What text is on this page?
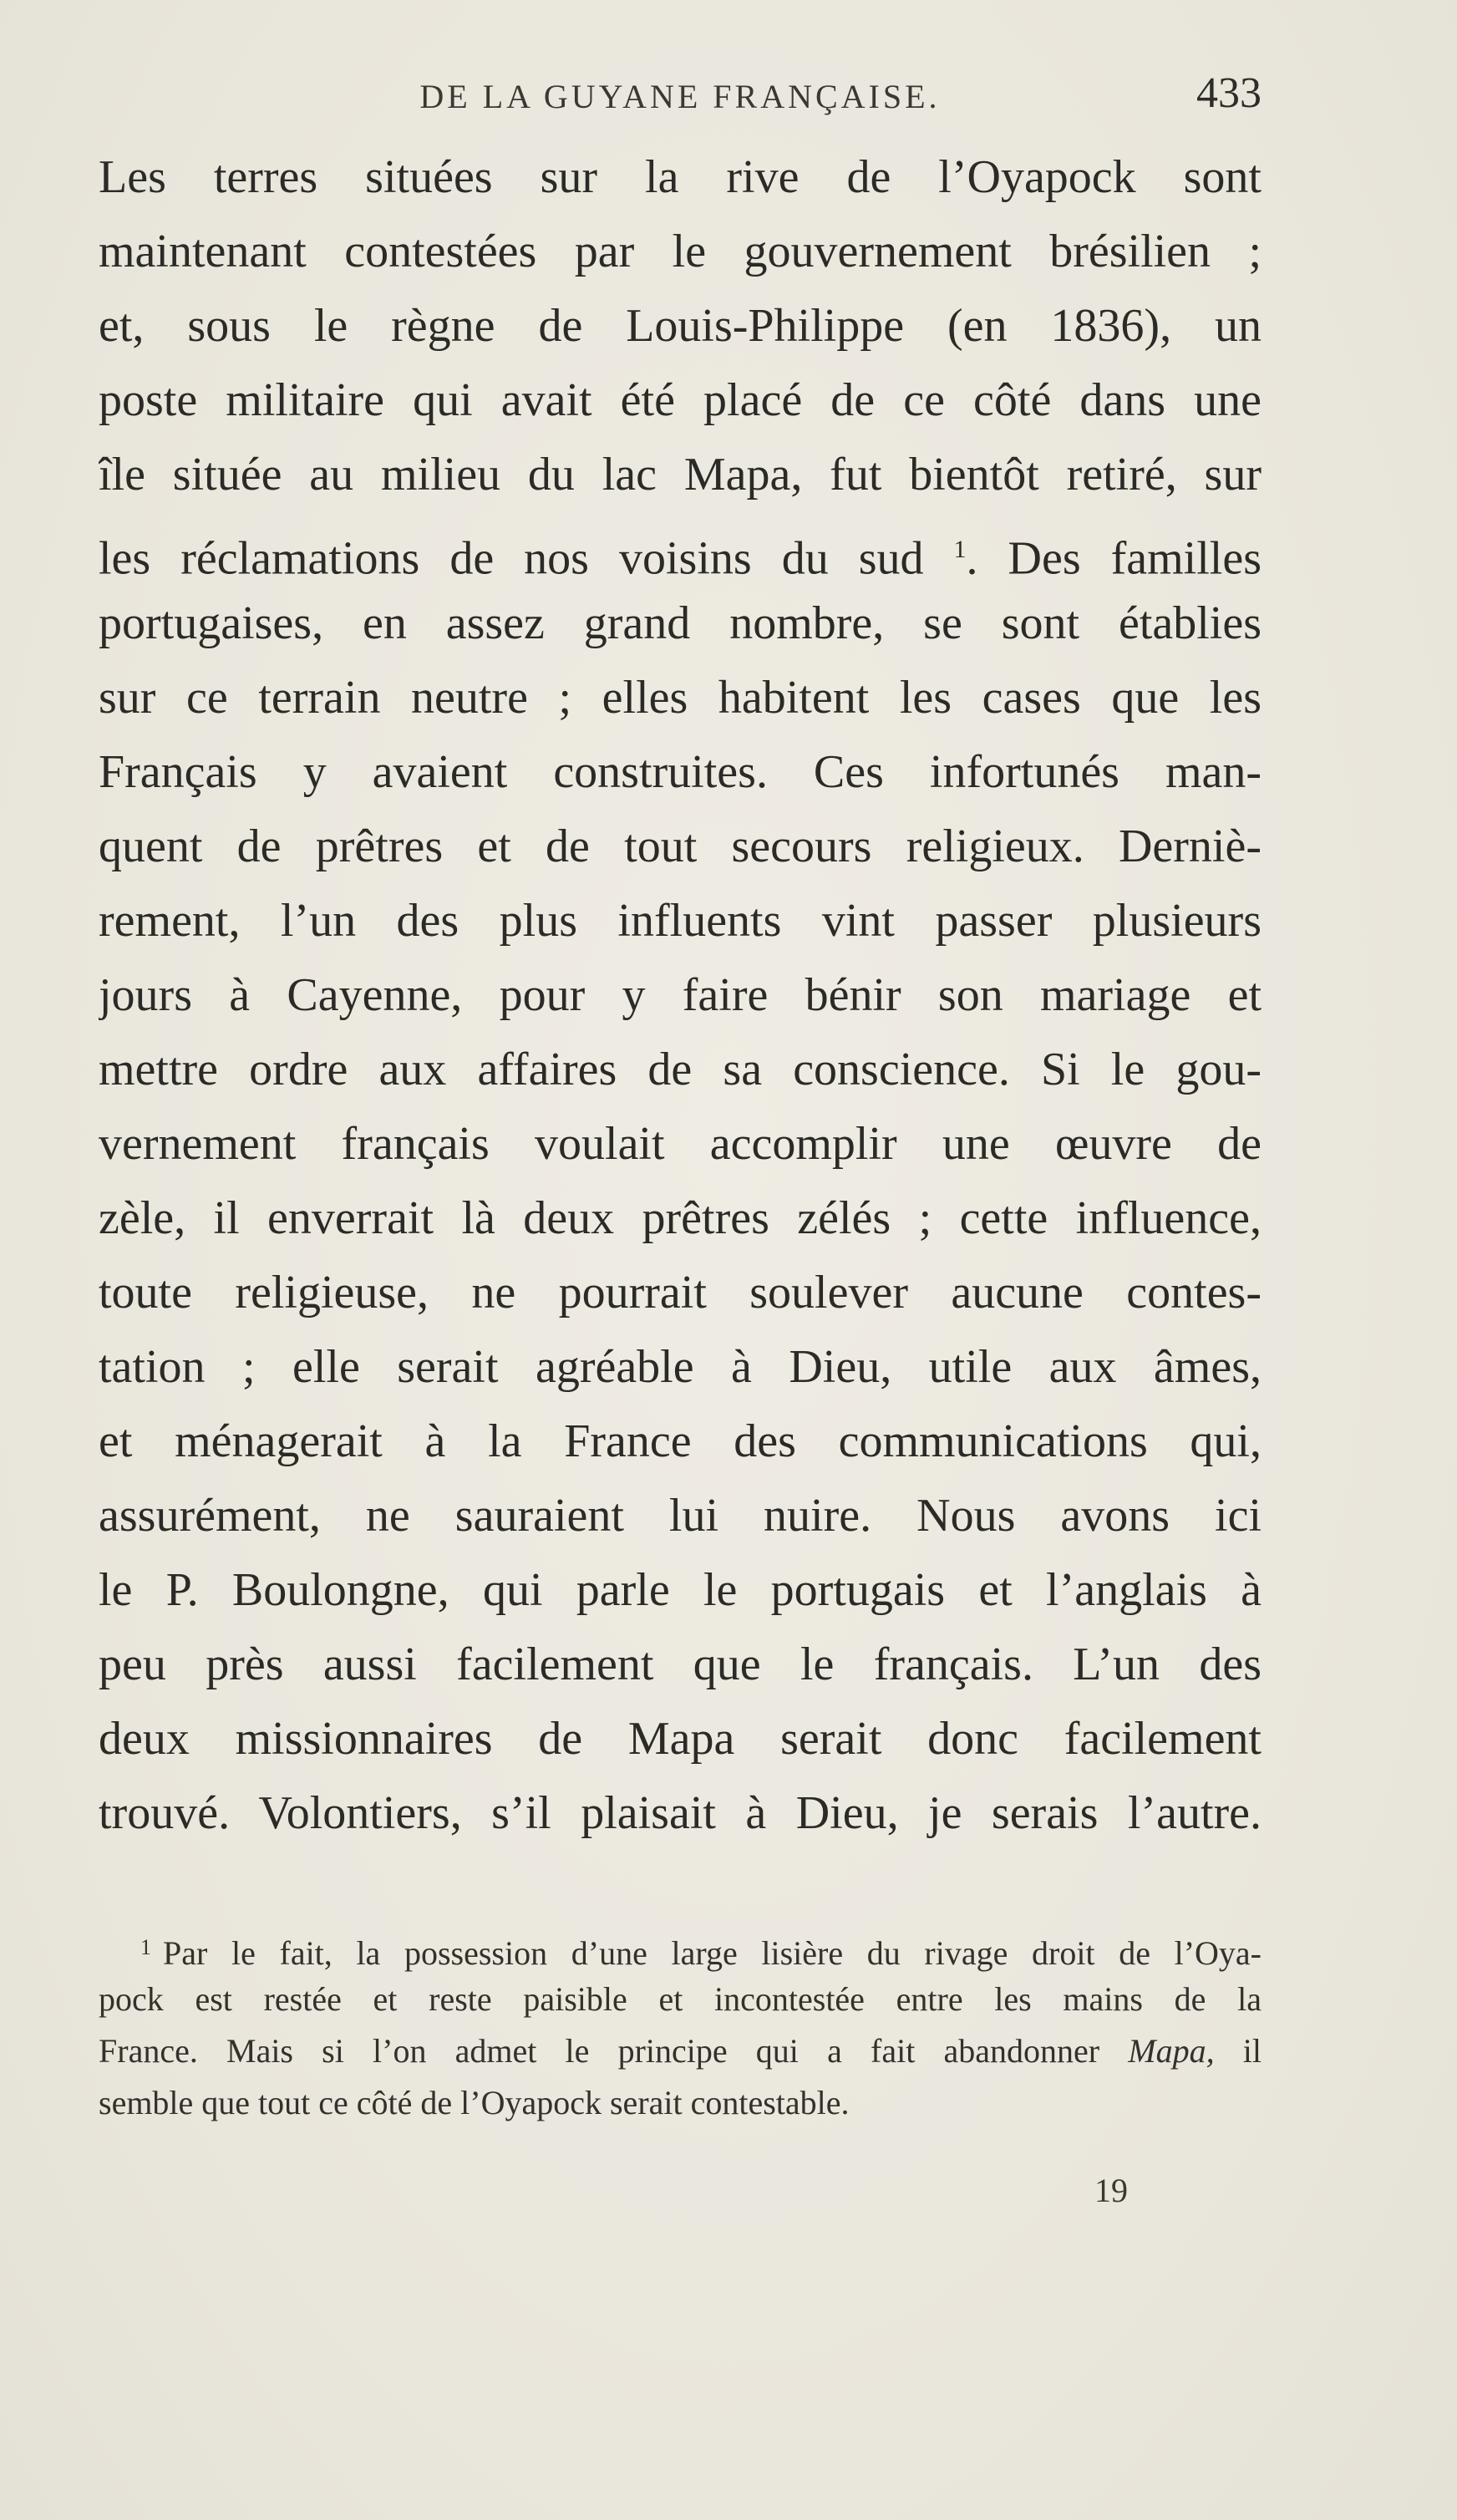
DE LA GUYANE FRANÇAISE.	433
Les terres situées sur la rive de l’Oyapock sont
maintenant contestées par le gouvernement brésilien ;
et, sous le règne de Louis-Philippe (en 1836), un
poste militaire qui avait été placé de ce côté dans une
île située au milieu du lac Mapa, fut bientôt retiré, sur
les réclamations de nos voisins du sud $^1$. Des familles
portugaises, en assez grand nombre, se sont établies
sur ce terrain neutre ; elles habitent les cases que les
Français y avaient construites. Ces infortunés man-
quent de prêtres et de tout secours religieux. Derniè-
rement, l’un des plus influents vint passer plusieurs
jours à Cayenne, pour y faire bénir son mariage et
mettre ordre aux affaires de sa conscience. Si le gou-
vernement français voulait accomplir une œuvre de
zèle, il enverrait là deux prêtres zélés ; cette influence,
toute religieuse, ne pourrait soulever aucune contes-
tation ; elle serait agréable à Dieu, utile aux âmes,
et ménagerait à la France des communications qui,
assurément, ne sauraient lui nuire. Nous avons ici
le P. Boulongne, qui parle le portugais et l’anglais à
peu près aussi facilement que le français. L’un des
deux missionnaires de Mapa serait donc facilement
trouvé. Volontiers, s’il plaisait à Dieu, je serais l’autre.
$^1$ Par le fait, la possession d’une large lisière du rivage droit de l’Oya-
pock est restée et reste paisible et incontestée entre les mains de la
France. Mais si l’on admet le principe qui a fait abandonner Mapa, il
semble que tout ce côté de l’Oyapock serait contestable.
19
